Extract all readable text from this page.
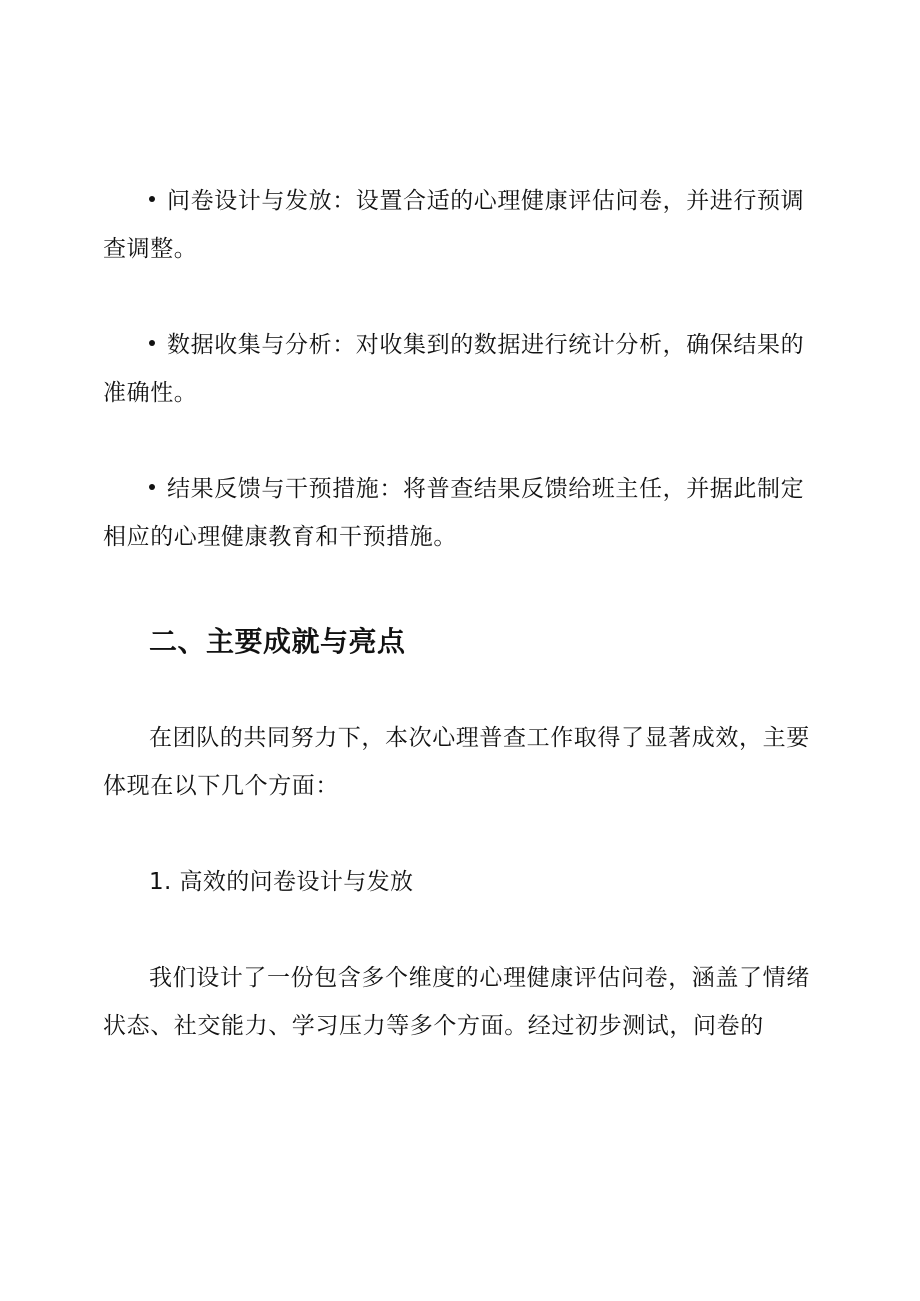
问卷设计与发放：设置合适的心理健康评估问卷，并进行预调查调整。

数据收集与分析：对收集到的数据进行统计分析，确保结果的准确性。

结果反馈与干预措施：将普查结果反馈给班主任，并据此制定相应的心理健康教育和干预措施。

二、主要成就与亮点

在团队的共同努力下，本次心理普查工作取得了显著成效，主要体现在以下几个方面：

1. 高效的问卷设计与发放

我们设计了一份包含多个维度的心理健康评估问卷，涵盖了情绪状态、社交能力、学习压力等多个方面。经过初步测试，问卷的
